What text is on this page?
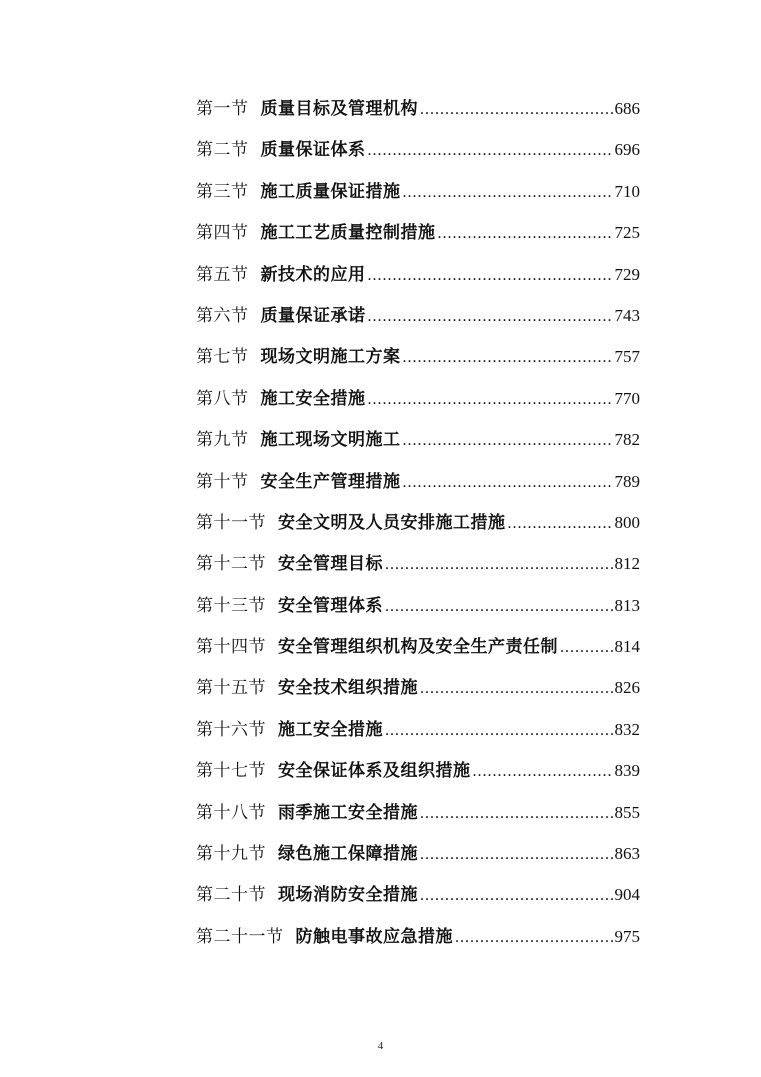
第一节 质量目标及管理机构 .....	686
第二节 质量保证体系 .....	696
第三节 施工质量保证措施 .....	710
第四节 施工工艺质量控制措施 .....	725
第五节 新技术的应用 .....	729
第六节 质量保证承诺 .....	743
第七节 现场文明施工方案 .....	757
第八节 施工安全措施 .....	770
第九节 施工现场文明施工 .....	782
第十节 安全生产管理措施 .....	789
第十一节 安全文明及人员安排施工措施 .....	800
第十二节 安全管理目标 .....	812
第十三节 安全管理体系 .....	813
第十四节 安全管理组织机构及安全生产责任制 .....	814
第十五节 安全技术组织措施 .....	826
第十六节 施工安全措施 .....	832
第十七节 安全保证体系及组织措施 .....	839
第十八节 雨季施工安全措施 .....	855
第十九节 绿色施工保障措施 .....	863
第二十节 现场消防安全措施 .....	904
第二十一节 防触电事故应急措施 .....	975
4
